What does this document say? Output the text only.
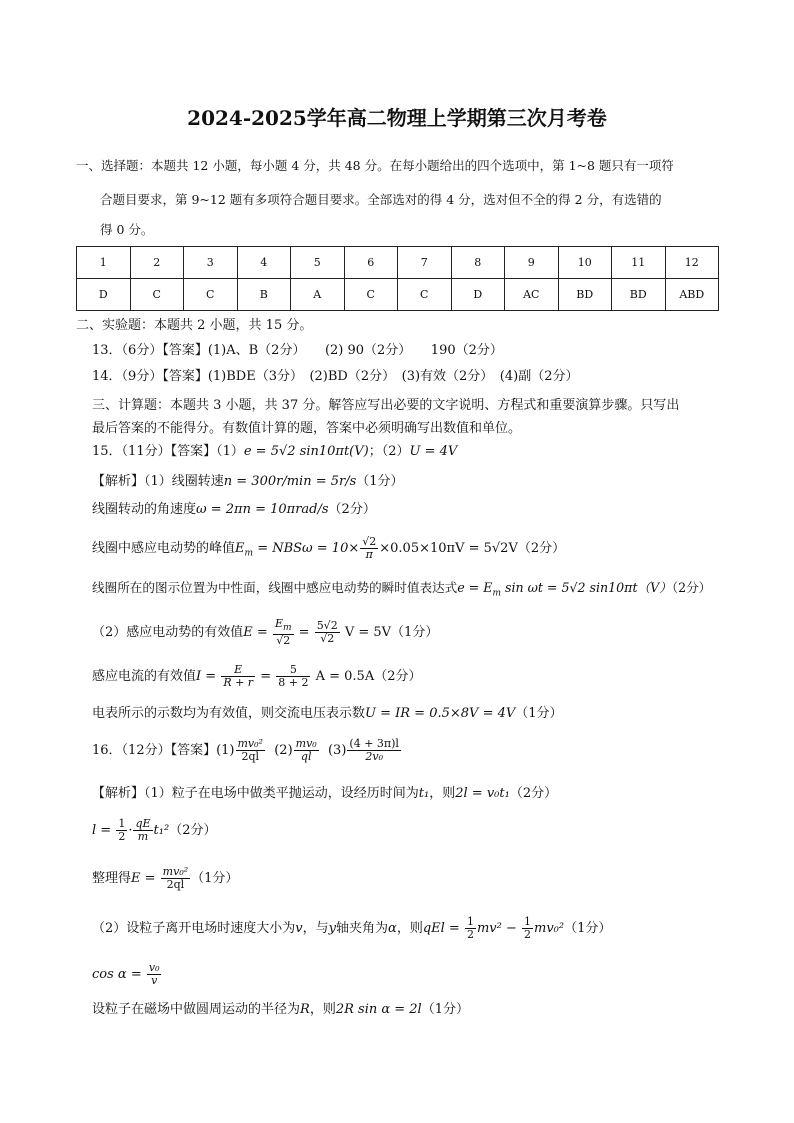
2024-2025学年高二物理上学期第三次月考卷
一、选择题：本题共 12 小题，每小题 4 分，共 48 分。在每小题给出的四个选项中，第 1~8 题只有一项符
合题目要求，第 9~12 题有多项符合题目要求。全部选对的得 4 分，选对但不全的得 2 分，有选错的
得 0 分。
1	2	3	4	5	6	7	8	9	10	11	12
D	C	C	B	A	C	C	D	AC	BD	BD	ABD
二、实验题：本题共 2 小题，共 15 分。
13．（6分）【答案】(1)A、B（2分）　　(2) 90（2分）　　190（2分）
14．（9分）【答案】(1)BDE（3分）　(2)BD（2分）　(3)有效（2分）　(4)副（2分）
三、计算题：本题共 3 小题，共 37 分。解答应写出必要的文字说明、方程式和重要演算步骤。只写出
最后答案的不能得分。有数值计算的题，答案中必须明确写出数值和单位。
15．（11分）【答案】（1）e = 5√2 sin10πt(V)；（2）U = 4V
【解析】（1）线圈转速n = 300r/min = 5r/s（1分）
线圈转动的角速度ω = 2πn = 10πrad/s（2分）
线圈中感应电动势的峰值$E_m = NBS\omega = 10\times \frac{√2}{\pi} \times 0.05\times 10\pi V = 5√2V(2$分）
线圈所在的图示位置为中性面，线圈中感应电动势的瞬时值表达式$e = E_m$ sin ωt = 5√2 sin10πt（V）（2分）
（2）感应电动势的有效值$E = \frac{E_m}{√2} = \frac{5√2}{√2}$ V = 5V（1分）
感应电流的有效值$I = \frac{E}{R + r} = \frac{5}{8 + 2}$ A = 0.5A（2分）
电表所示的示数均为有效值，则交流电压表示数U = IR = 0.5×8V = 4V（1分）
16．（12分）【答案】$(1) \frac{\text{mv₀²}}{2ql} (2) \frac{\text{mv₀}}{ql} (3) \frac{(4 + 3\pi)l}{\text{2v₀}}$
【解析】（1）粒子在电场中做类平抛运动，设经历时间为t₁，则2l = v₀t₁（2分）
$l = \frac{1}{2} \cdot \frac{qE}{m} t_1^2(2$分）
整理得$E = \frac{\text{mv₀²}}{2ql} (1$分）
（2）设粒子离开电场时速度大小为v，与y轴夹角为α，则qEl = $\frac{1}{2} mv^2 - \frac{1}{2} mv_0^2(1$分）
$\cos \alpha = \frac{\text{v₀}}{v}$
设粒子在磁场中做圆周运动的半径为R，则2R sin α = 2l（1分）
